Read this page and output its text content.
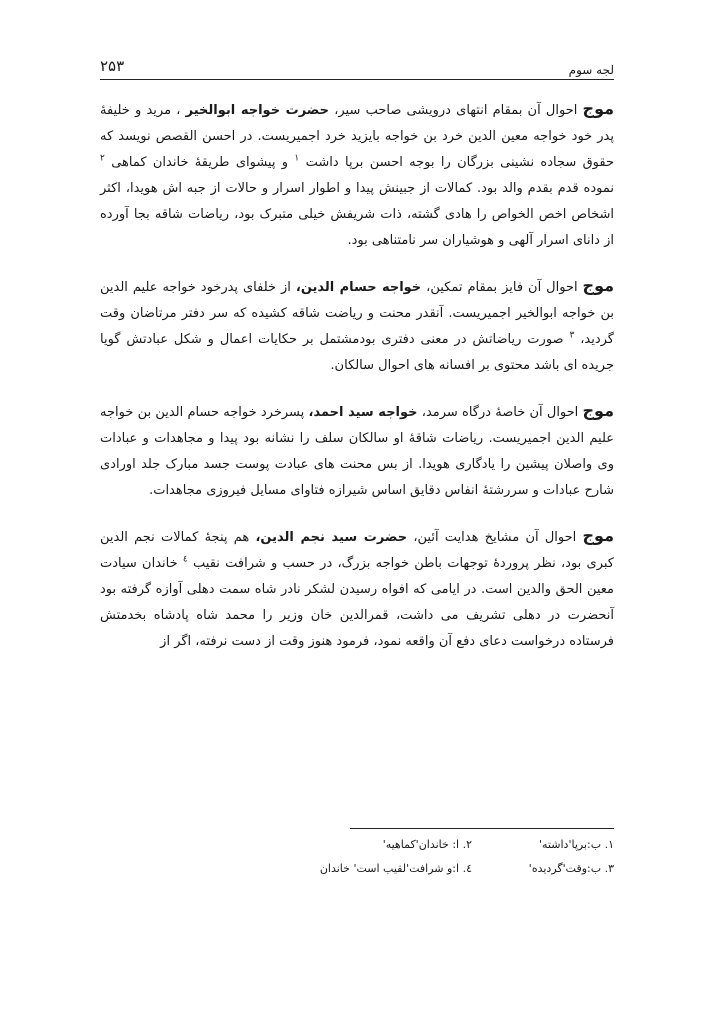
لجه سوم
۲۵۳

موج احوال آن بمقام انتهای درویشی صاحب سیر، حضرت خواجه ابوالخیر ، مرید و خلیفهٔ پدر خود خواجه معین الدین خرد بن خواجه بایزید خرد اجمیریست. در احسن القصص نویسد که حقوق سجاده نشینی بزرگان را بوجه احسن برپا داشت $^۱$ و پیشوای طریقهٔ خاندان کماهی $^۲$ نموده قدم بقدم والد بود. کمالات از جبینش پیدا و اطوار اسرار و حالات از جبه اش هویدا، اکثر اشخاص اخص الخواص را هادی گشته، ذات شریفش خیلی متبرک بود، ریاضات شاقه بجا آورده از دانای اسرار آلهی و هوشیاران سر نامتناهی بود.

موج احوال آن فایز بمقام تمکین، خواجه حسام الدین، از خلفای پدرخود خواجه علیم الدین بن خواجه ابوالخیر اجمیریست. آنقدر محنت و ریاضت شاقه کشیده که سر دفتر مرتاضان وقت گردید، $^۳$ صورت ریاضاتش در معنی دفتری بودمشتمل بر حکایات اعمال و شکل عبادتش گویا جریده ای باشد محتوی بر افسانه های احوال سالکان.

موج احوال آن خاصهٔ درگاه سرمد، خواجه سید احمد، پسرخرد خواجه حسام الدین بن خواجه علیم الدین اجمیریست. ریاضات شاقهٔ او سالکان سلف را نشانه بود پیدا و مجاهدات و عبادات وی واصلان پیشین را یادگاری هویدا. از بس محنت های عبادت پوست جسد مبارک جلد اورادی شارح عبادات و سررشتهٔ انفاس دقایق اساس شیرازه فتاوای مسایل فیروزی مجاهدات.

موج احوال آن مشایخ هدایت آئین، حضرت سید نجم الدین، هم پنجهٔ کمالات نجم الدین کبری بود، نظر پروردهٔ توجهات باطن خواجه بزرگ، در حسب و شرافت نقیب $^٤$ خاندان سیادت معین الحق والدین است. در ایامی که افواه رسیدن لشکر نادر شاه سمت دهلی آوازه گرفته بود آنحضرت در دهلی تشریف می داشت، قمرالدین خان وزیر را محمد شاه پادشاه بخدمتش فرستاده درخواست دعای دفع آن واقعه نمود، فرمود هنوز وقت از دست نرفته، اگر از

۱. ب:برپا'داشته'
۲. ا: خاندان'کماهیه'
۳. ب:وقت'گردیده'
٤. ا:و شرافت'لقیب است' خاندان
